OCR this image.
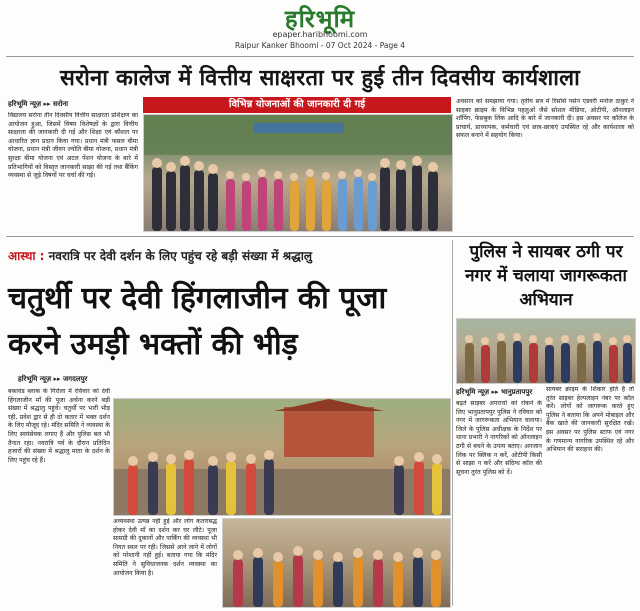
हरिभूमि
epaper.haribhoomi.com
Raipur Kanker Bhoomi - 07 Oct 2024 - Page 4
सरोना कालेज में वित्तीय साक्षरता पर हुई तीन दिवसीय कार्यशाला
हरिभूमि न्यूज़ ▸▸ सरोना
विद्यालय सरोना तीन दिवसीय वित्तीय साक्षरता प्रशिक्षण का आयोजन हुआ, जिसमें विषय विशेषज्ञों के द्वारा वित्तीय साक्षरता की जानकारी दी गई और शिक्षा एवं कौशल पर आधारित ज्ञान प्रदान किया गया। प्रधान मंत्री फसल बीमा योजना, प्रधान मंत्री जीवन ज्योति बीमा योजना, प्रधान मंत्री सुरक्षा बीमा योजना एवं अटल पेंशन योजना के बारे में प्रतिभागियों को विस्तृत जानकारी साझा की गई तथा बैंकिंग व्यवस्था से जुड़े विषयों पर चर्चा की गई।
विभिन्न योजनाओं की जानकारी दी गई	अवसान को समझाया गया। तृतीय सत्र में रिसोर्स पर्सन एडवरी मनोज ठाकुर ने साइबर क्राइम के विभिन्न पहलुओं जैसे सोशल मीडिया, ओटीपी, ऑनलाइन शॉपिंग, फेसबुक लिंक आदि के बारे में जानकारी दी। इस अवसर पर कॉलेज के प्राचार्य, प्राध्यापक, कर्मचारी एवं छात्र-छात्राएं उपस्थित रहे और कार्यशाला को सफल बनाने में सहयोग किया।
आस्था : नवरात्रि पर देवी दर्शन के लिए पहुंच रहे बड़ी संख्या में श्रद्धालु
चतुर्थी पर देवी हिंगलाजीन की पूजा करने उमड़ी भक्तों की भीड़
हरिभूमि न्यूज़ ▸▸ जगदलपुर
बकावंड ब्लाक के गिरोला में रविवार को देवी हिंगलाजीन माँ की पूजा अर्चना करने बड़ी संख्या में श्रद्धालु पहुंचे। चतुर्थी पर भारी भीड़ रही, प्रवेश द्वार से ही दो कतार में भक्त दर्शन के लिए मौजूद रहे। मंदिर समिति ने व्यवस्था के लिए स्वयंसेवक लगाए हैं और पुलिस बल भी तैनात रहा। नवरात्रि पर्व के दौरान प्रतिदिन हजारों की संख्या में श्रद्धालु माता के दर्शन के लिए पहुंच रहे हैं।
अव्यवस्था उत्पन्न नहीं हुई और लोग कतारबद्ध होकर देवी माँ का दर्शन कर घर लौटे। पूजा सामग्री की दुकानों और पार्किंग की व्यवस्था भी नियत स्थल पर रही। जिससे आने जाने में लोगों को परेशानी नहीं हुई। बताया गया कि मंदिर समिति ने सुविधाजनक दर्शन व्यवस्था का आयोजन किया है।
पुलिस ने सायबर ठगी पर नगर में चलाया जागरूकता अभियान
हरिभूमि न्यूज़ ▸▸ भानुप्रतापपुर
बढ़ते साइबर अपराधों को रोकने के लिए भानुप्रतापपुर पुलिस ने रविवार को नगर में जागरूकता अभियान चलाया। जिले के पुलिस अधीक्षक के निर्देश पर थाना प्रभारी ने नागरिकों को ऑनलाइन ठगी से बचने के उपाय बताए। अनजान लिंक पर क्लिक न करें, ओटीपी किसी से साझा न करें और संदिग्ध कॉल की सूचना तुरंत पुलिस को दें।
सायबर क्राइम के शिकार होते हैं तो तुरंत साइबर हेल्पलाइन नंबर पर कॉल करें। लोगों को जागरूक करते हुए पुलिस ने बताया कि अपने मोबाइल और बैंक खाते की जानकारी सुरक्षित रखें। इस अवसर पर पुलिस स्टाफ एवं नगर के गणमान्य नागरिक उपस्थित रहे और अभियान की सराहना की।
